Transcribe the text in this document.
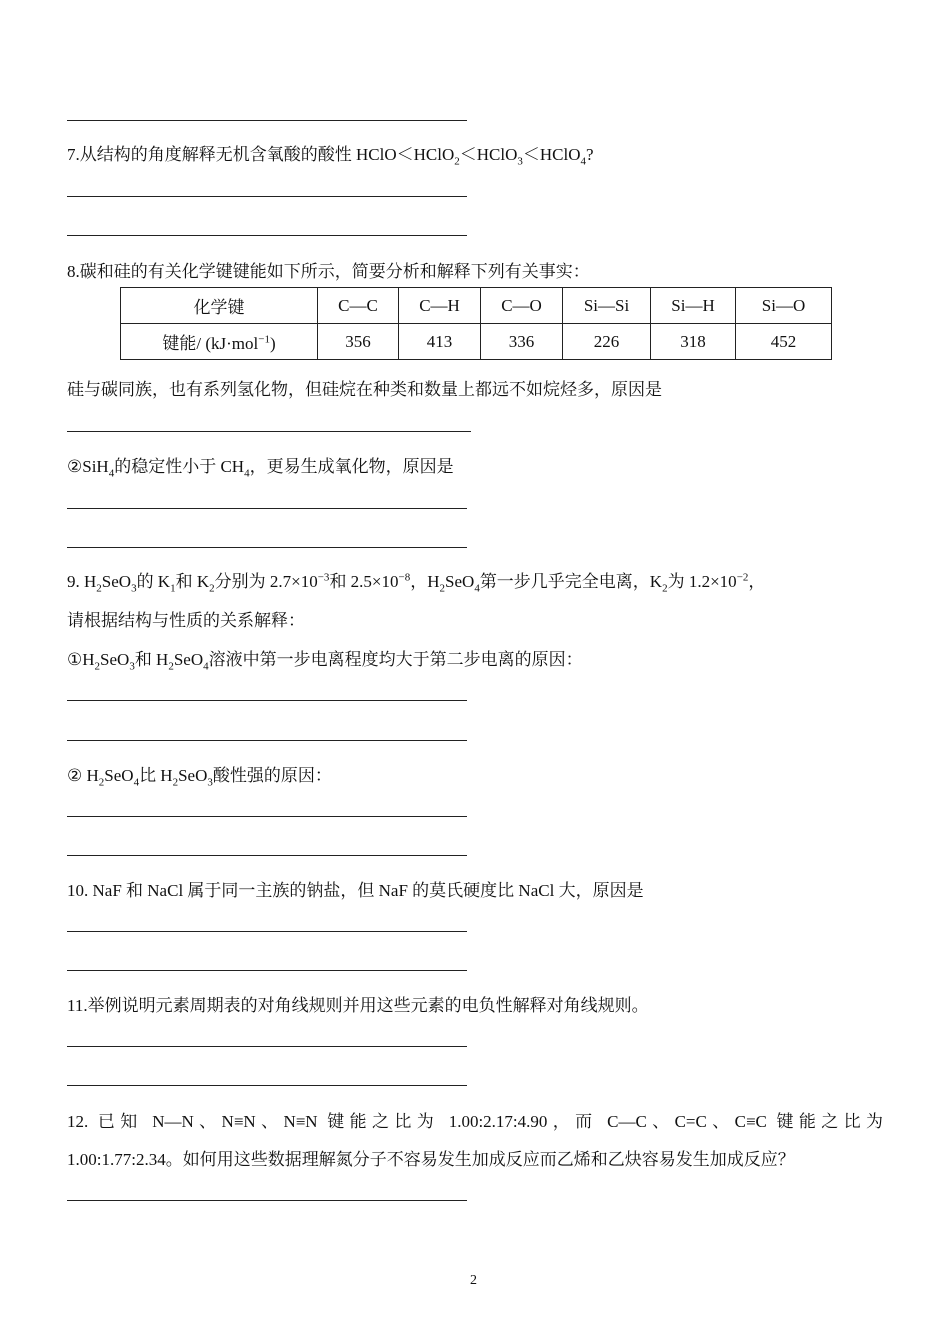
7.从结构的角度解释无机含氧酸的酸性 HClO＜HClO$_2$＜HClO$_3$＜HClO$_4$?
8.碳和硅的有关化学键键能如下所示，简要分析和解释下列有关事实：
化学键	C—C	C—H	C—O	Si—Si	Si—H	Si—O
键能/ (kJ·mol$^{-1}$)	356	413	336	226	318	452
硅与碳同族，也有系列氢化物，但硅烷在种类和数量上都远不如烷烃多，原因是
②SiH$_4$的稳定性小于 $CH_4$，更易生成氧化物，原因是
9. $H_2SeO_3$的 $K_1$和 $K_2$分别为 $2.7\times 10^{-3}$和 $2.5\times 10^{-8}$，$H_2SeO_4$第一步几乎完全电离，$K_2$为 $1.2\times 10^{-2}$，
请根据结构与性质的关系解释：
$①H_2SeO_3$和 $H_2SeO_4$溶液中第一步电离程度均大于第二步电离的原因：
② $H_2SeO_4$比 $H_2SeO_3$酸性强的原因：
10. NaF 和 NaCl 属于同一主族的钠盐，但 NaF 的莫氏硬度比 NaCl 大，原因是
11.举例说明元素周期表的对角线规则并用这些元素的电负性解释对角线规则。
12. 已知 N—N、N≡N、N≡N 键能之比为 1.00:2.17:4.90，而 C—C、C=C、C≡C 键能之比为
1.00:1.77:2.34。如何用这些数据理解氮分子不容易发生加成反应而乙烯和乙炔容易发生加成反应？
2
